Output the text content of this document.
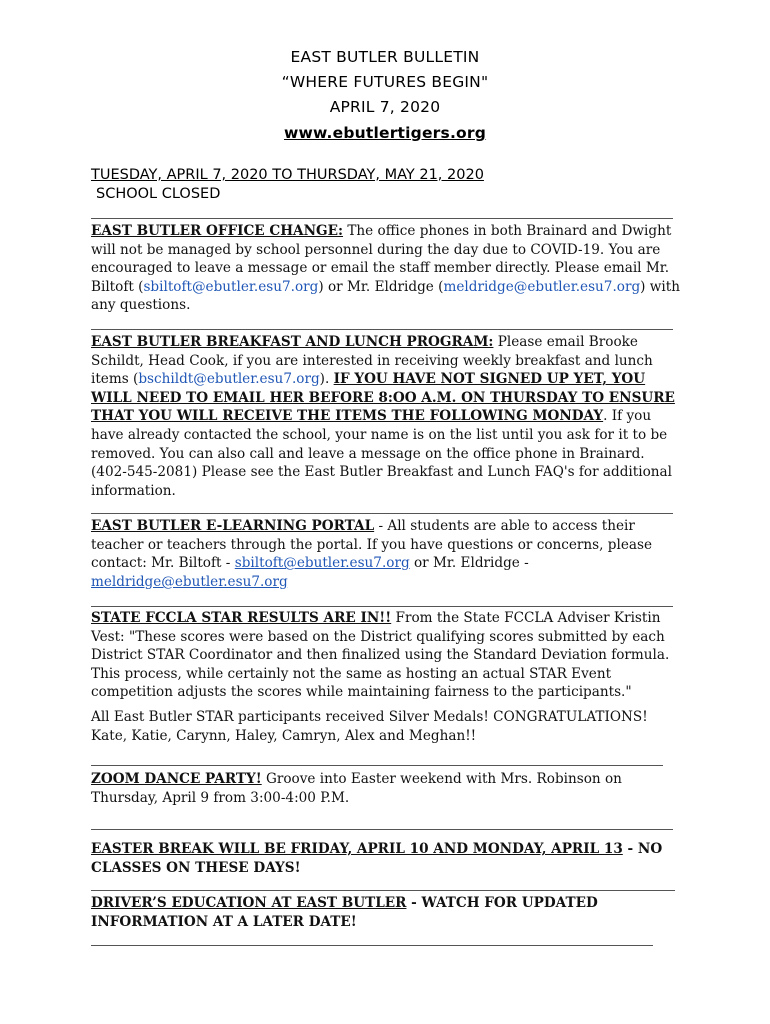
EAST BUTLER BULLETIN
“WHERE FUTURES BEGIN"
APRIL 7, 2020
www.ebutlertigers.org
TUESDAY, APRIL 7, 2020 TO THURSDAY, MAY 21, 2020
SCHOOL CLOSED

EAST BUTLER OFFICE CHANGE: The office phones in both Brainard and Dwight will not be managed by school personnel during the day due to COVID-19. You are encouraged to leave a message or email the staff member directly. Please email Mr. Biltoft (sbiltoft@ebutler.esu7.org) or Mr. Eldridge (meldridge@ebutler.esu7.org) with any questions.

EAST BUTLER BREAKFAST AND LUNCH PROGRAM: Please email Brooke Schildt, Head Cook, if you are interested in receiving weekly breakfast and lunch items (bschildt@ebutler.esu7.org). IF YOU HAVE NOT SIGNED UP YET, YOU WILL NEED TO EMAIL HER BEFORE 8:OO A.M. ON THURSDAY TO ENSURE THAT YOU WILL RECEIVE THE ITEMS THE FOLLOWING MONDAY. If you have already contacted the school, your name is on the list until you ask for it to be removed. You can also call and leave a message on the office phone in Brainard. (402-545-2081) Please see the East Butler Breakfast and Lunch FAQ's for additional information.

EAST BUTLER E-LEARNING PORTAL - All students are able to access their teacher or teachers through the portal. If you have questions or concerns, please contact: Mr. Biltoft - sbiltoft@ebutler.esu7.org or Mr. Eldridge - meldridge@ebutler.esu7.org

STATE FCCLA STAR RESULTS ARE IN!! From the State FCCLA Adviser Kristin Vest: "These scores were based on the District qualifying scores submitted by each District STAR Coordinator and then finalized using the Standard Deviation formula. This process, while certainly not the same as hosting an actual STAR Event competition adjusts the scores while maintaining fairness to the participants."

All East Butler STAR participants received Silver Medals! CONGRATULATIONS! Kate, Katie, Carynn, Haley, Camryn, Alex and Meghan!!

ZOOM DANCE PARTY! Groove into Easter weekend with Mrs. Robinson on Thursday, April 9 from 3:00-4:00 P.M.

EASTER BREAK WILL BE FRIDAY, APRIL 10 AND MONDAY, APRIL 13 - NO CLASSES ON THESE DAYS!

DRIVER’S EDUCATION AT EAST BUTLER - WATCH FOR UPDATED INFORMATION AT A LATER DATE!
